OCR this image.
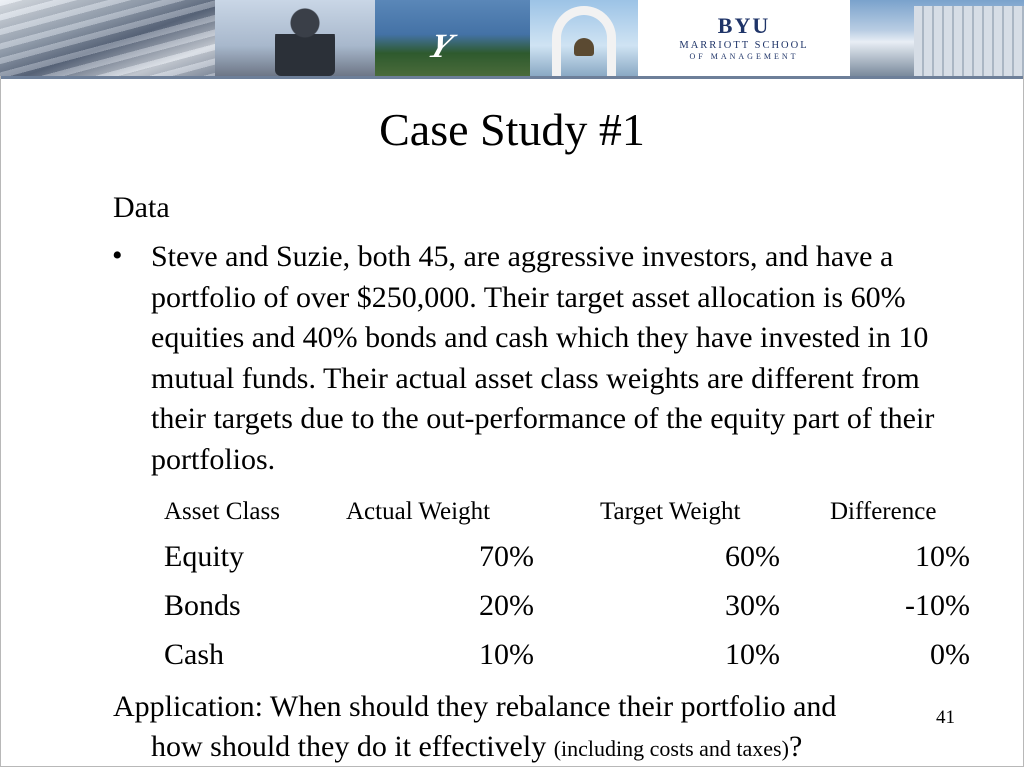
Y
BYU
MARRIOTT SCHOOL
OF MANAGEMENT
Case Study #1
Data
• Steve and Suzie, both 45, are aggressive investors, and have a portfolio of over $250,000. Their target asset allocation is 60% equities and 40% bonds and cash which they have invested in 10 mutual funds. Their actual asset class weights are different from their targets due to the out-performance of the equity part of their portfolios.
Asset Class	Actual Weight	Target Weight	Difference
Equity	70%	60%	10%
Bonds	20%	30%	-10%
Cash	10%	10%	0%
Application: When should they rebalance their portfolio and
how should they do it effectively (including costs and taxes)?
41
